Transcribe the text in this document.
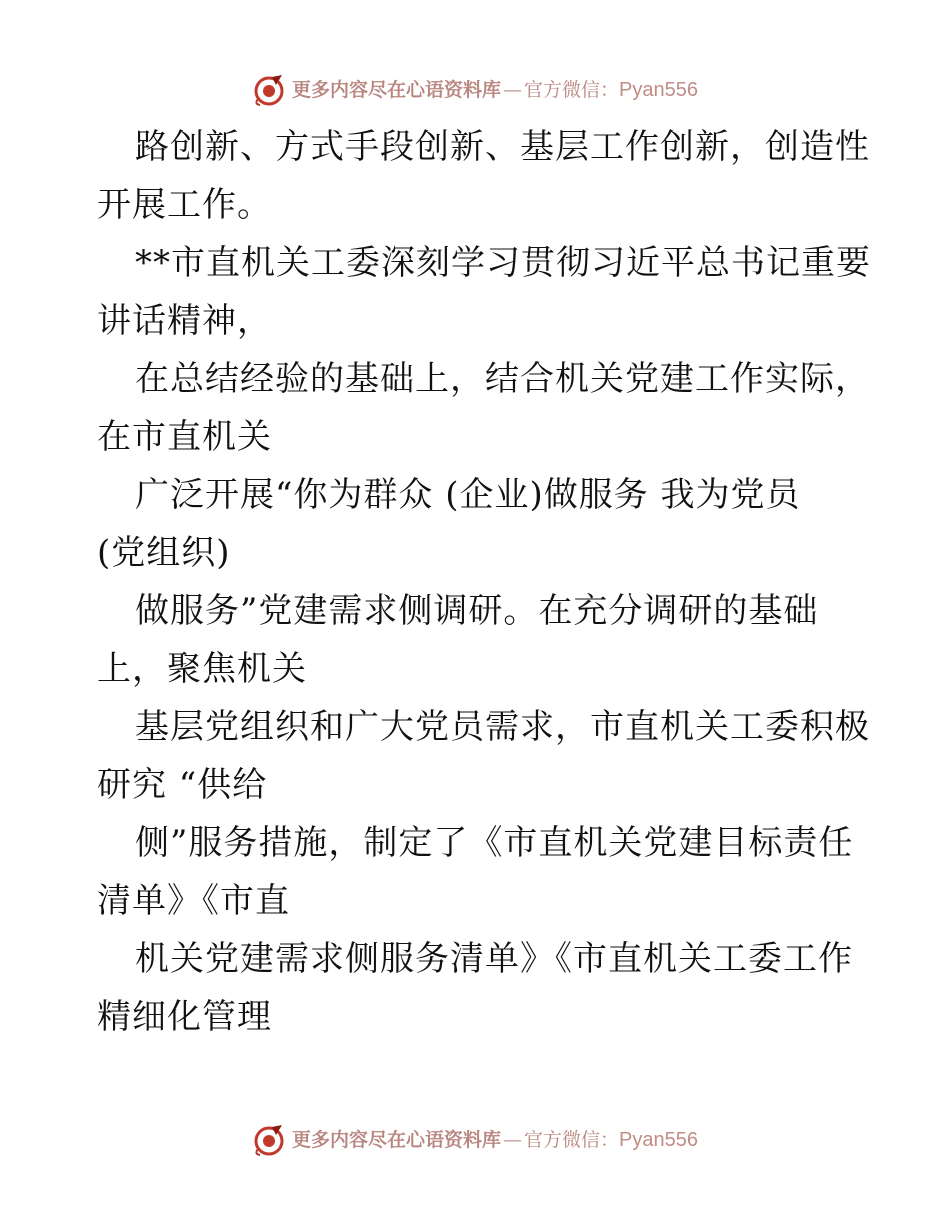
更多内容尽在心语资料库 — 官方微信： Pyan556
路创新、方式手段创新、基层工作创新，创造性
开展工作。
**市直机关工委深刻学习贯彻习近平总书记重要
讲话精神，
在总结经验的基础上，结合机关党建工作实际，
在市直机关
广泛开展“你为群众 (企业)做服务 我为党员
(党组织)
做服务”党建需求侧调研。在充分调研的基础
上，聚焦机关
基层党组织和广大党员需求，市直机关工委积极
研究 “供给
侧”服务措施，制定了《市直机关党建目标责任
清单》《市直
机关党建需求侧服务清单》《市直机关工委工作
精细化管理
更多内容尽在心语资料库 — 官方微信： Pyan556
